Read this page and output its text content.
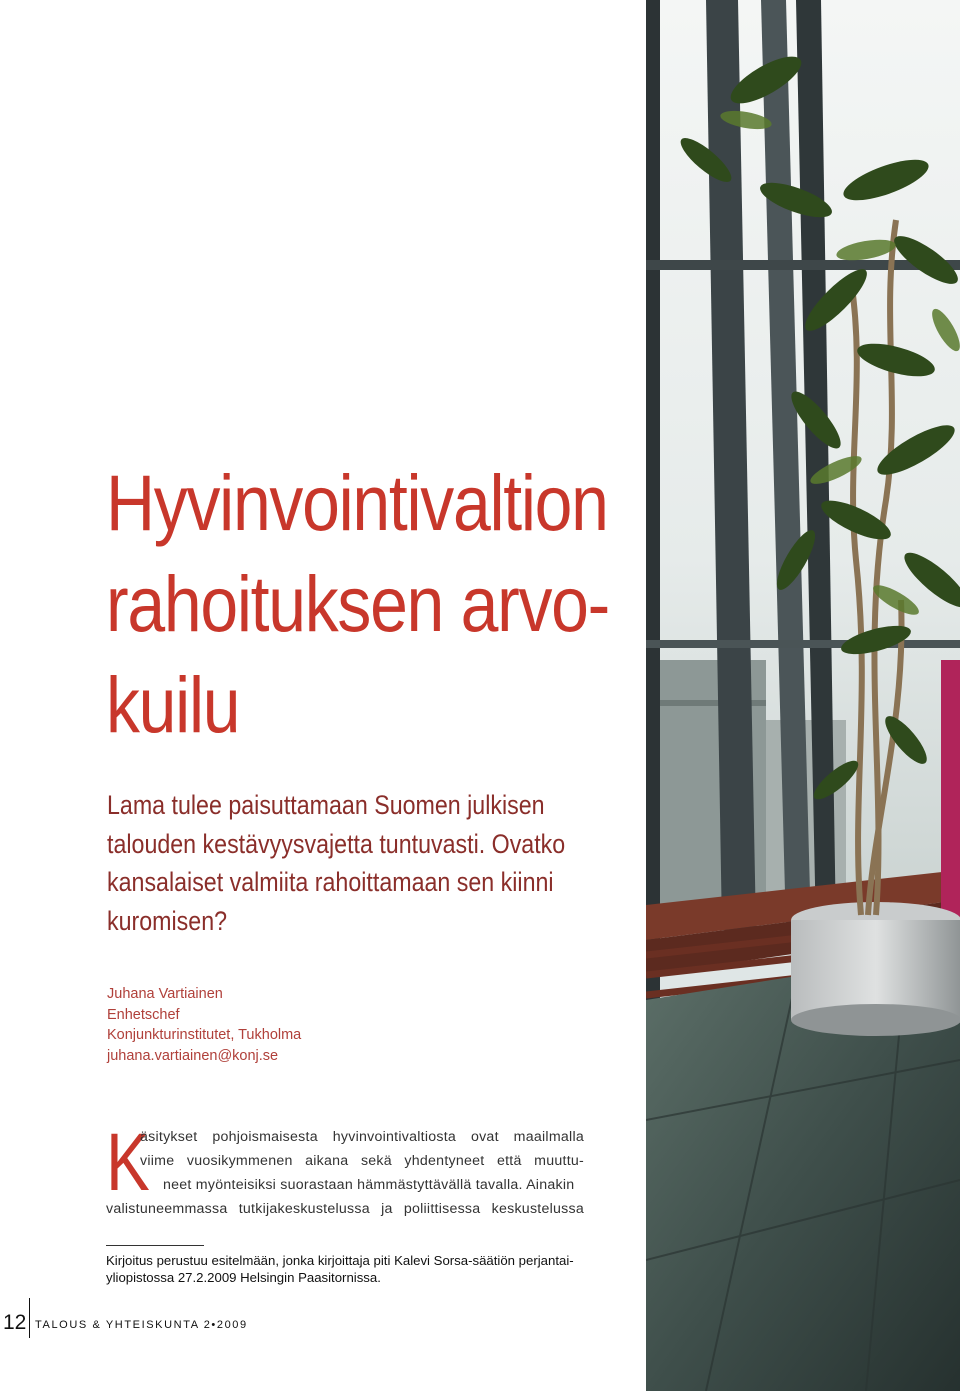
Hyvinvointivaltion
rahoituksen arvo-
kuilu

Lama tulee paisuttamaan Suomen julkisen
talouden kestävyysvajetta tuntuvasti. Ovatko
kansalaiset valmiita rahoittamaan sen kiinni
kuromisen?

Juhana Vartiainen
Enhetschef
Konjunkturinstitutet, Tukholma
juhana.vartiainen@konj.se
K
äsitykset pohjoismaisesta hyvinvointivaltiosta ovat maailmalla
viime vuosikymmenen aikana sekä yhdentyneet että muuttu-
neet myönteisiksi suorastaan hämmästyttävällä tavalla. Ainakin
valistuneemmassa tutkijakeskustelussa ja poliittisessa keskustelussa
Kirjoitus perustuu esitelmään, jonka kirjoittaja piti Kalevi Sorsa-säätiön perjantai-
yliopistossa 27.2.2009 Helsingin Paasitornissa.
12 TALOUS & YHTEISKUNTA 2•2009
